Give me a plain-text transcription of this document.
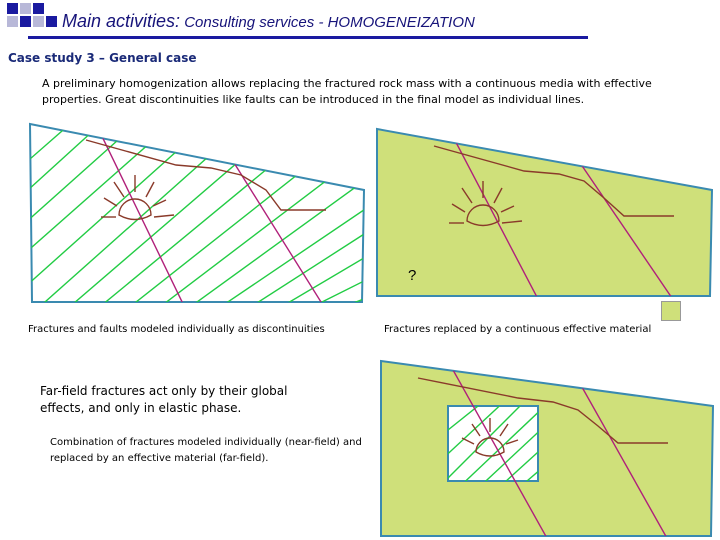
Main activities: Consulting services - HOMOGENEIZATION
Case study 3 – General case
A preliminary homogenization allows replacing the fractured rock mass with a continuous media with effective properties. Great discontinuities like faults can be introduced in the final model as individual lines.
?
Fractures and faults modeled individually as discontinuities	Fractures replaced by a continuous effective material
Far-field fractures act only by their global effects, and only in elastic phase.
Combination of fractures modeled individually (near-field) and replaced by an effective material (far-field).
